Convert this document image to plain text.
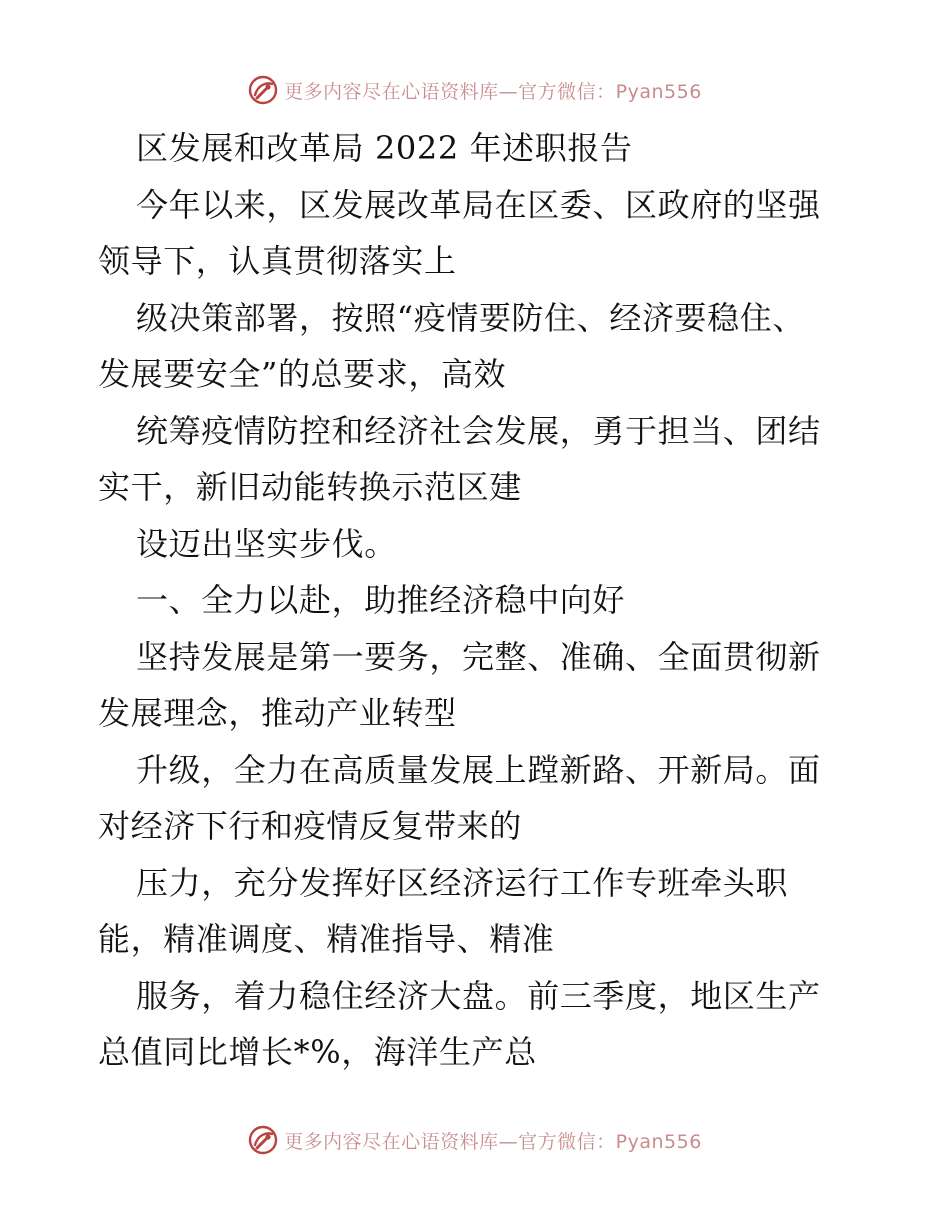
更多内容尽在心语资料库—官方微信：Pyan556
区发展和改革局 2022 年述职报告
今年以来，区发展改革局在区委、区政府的坚强
领导下，认真贯彻落实上
级决策部署，按照“疫情要防住、经济要稳住、
发展要安全”的总要求，高效
统筹疫情防控和经济社会发展，勇于担当、团结
实干，新旧动能转换示范区建
设迈出坚实步伐。
一、全力以赴，助推经济稳中向好
坚持发展是第一要务，完整、准确、全面贯彻新
发展理念，推动产业转型
升级，全力在高质量发展上蹚新路、开新局。面
对经济下行和疫情反复带来的
压力，充分发挥好区经济运行工作专班牵头职
能，精准调度、精准指导、精准
服务，着力稳住经济大盘。前三季度，地区生产
总值同比增长*%，海洋生产总
更多内容尽在心语资料库—官方微信：Pyan556
